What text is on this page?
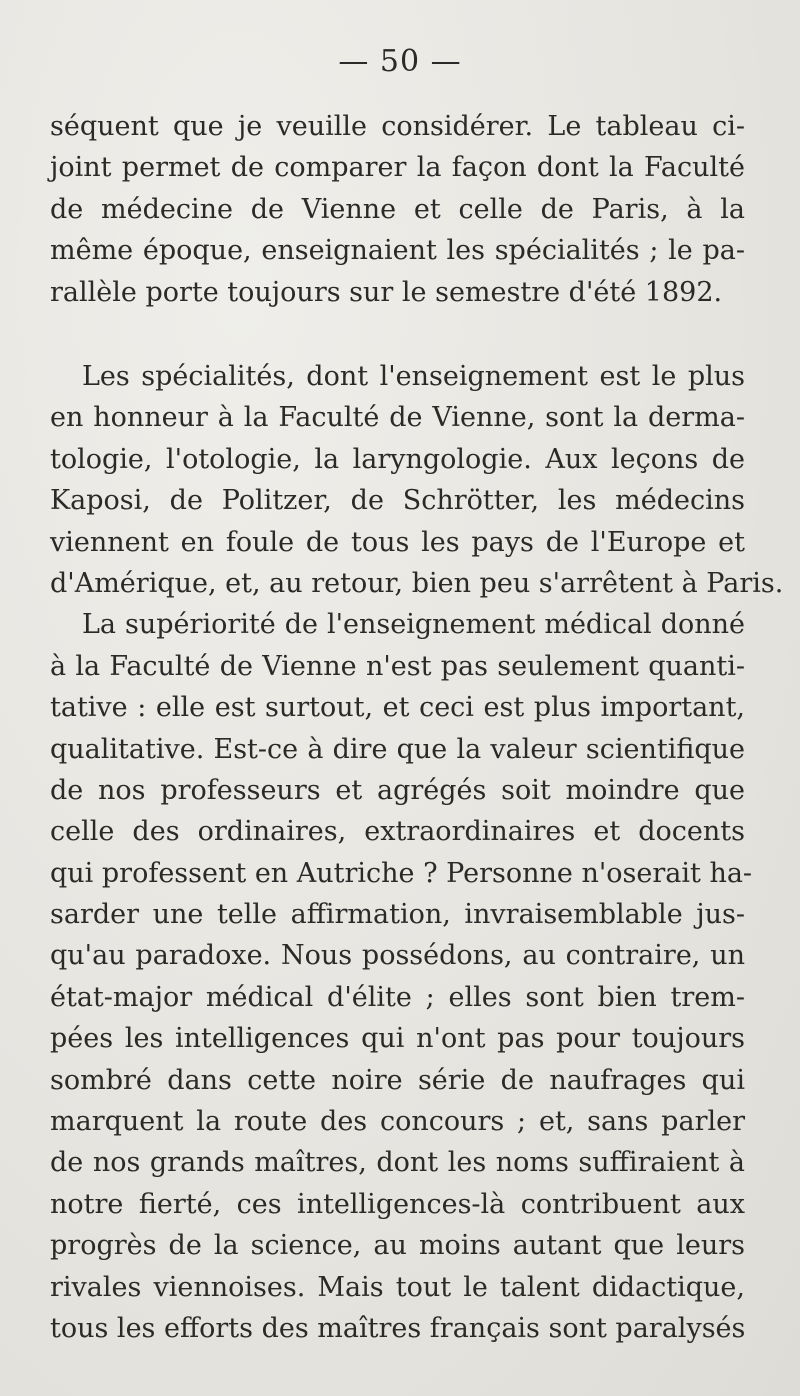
— 50 —
séquent que je veuille considérer. Le tableau ci-
joint permet de comparer la façon dont la Faculté
de médecine de Vienne et celle de Paris, à la
même époque, enseignaient les spécialités ; le pa-
rallèle porte toujours sur le semestre d'été 1892.
Les spécialités, dont l'enseignement est le plus
en honneur à la Faculté de Vienne, sont la derma-
tologie, l'otologie, la laryngologie. Aux leçons de
Kaposi, de Politzer, de Schrötter, les médecins
viennent en foule de tous les pays de l'Europe et
d'Amérique, et, au retour, bien peu s'arrêtent à Paris.
La supériorité de l'enseignement médical donné
à la Faculté de Vienne n'est pas seulement quanti-
tative : elle est surtout, et ceci est plus important,
qualitative. Est-ce à dire que la valeur scientifique
de nos professeurs et agrégés soit moindre que
celle des ordinaires, extraordinaires et docents
qui professent en Autriche ? Personne n'oserait ha-
sarder une telle affirmation, invraisemblable jus-
qu'au paradoxe. Nous possédons, au contraire, un
état-major médical d'élite ; elles sont bien trem-
pées les intelligences qui n'ont pas pour toujours
sombré dans cette noire série de naufrages qui
marquent la route des concours ; et, sans parler
de nos grands maîtres, dont les noms suffiraient à
notre fierté, ces intelligences-là contribuent aux
progrès de la science, au moins autant que leurs
rivales viennoises. Mais tout le talent didactique,
tous les efforts des maîtres français sont paralysés
